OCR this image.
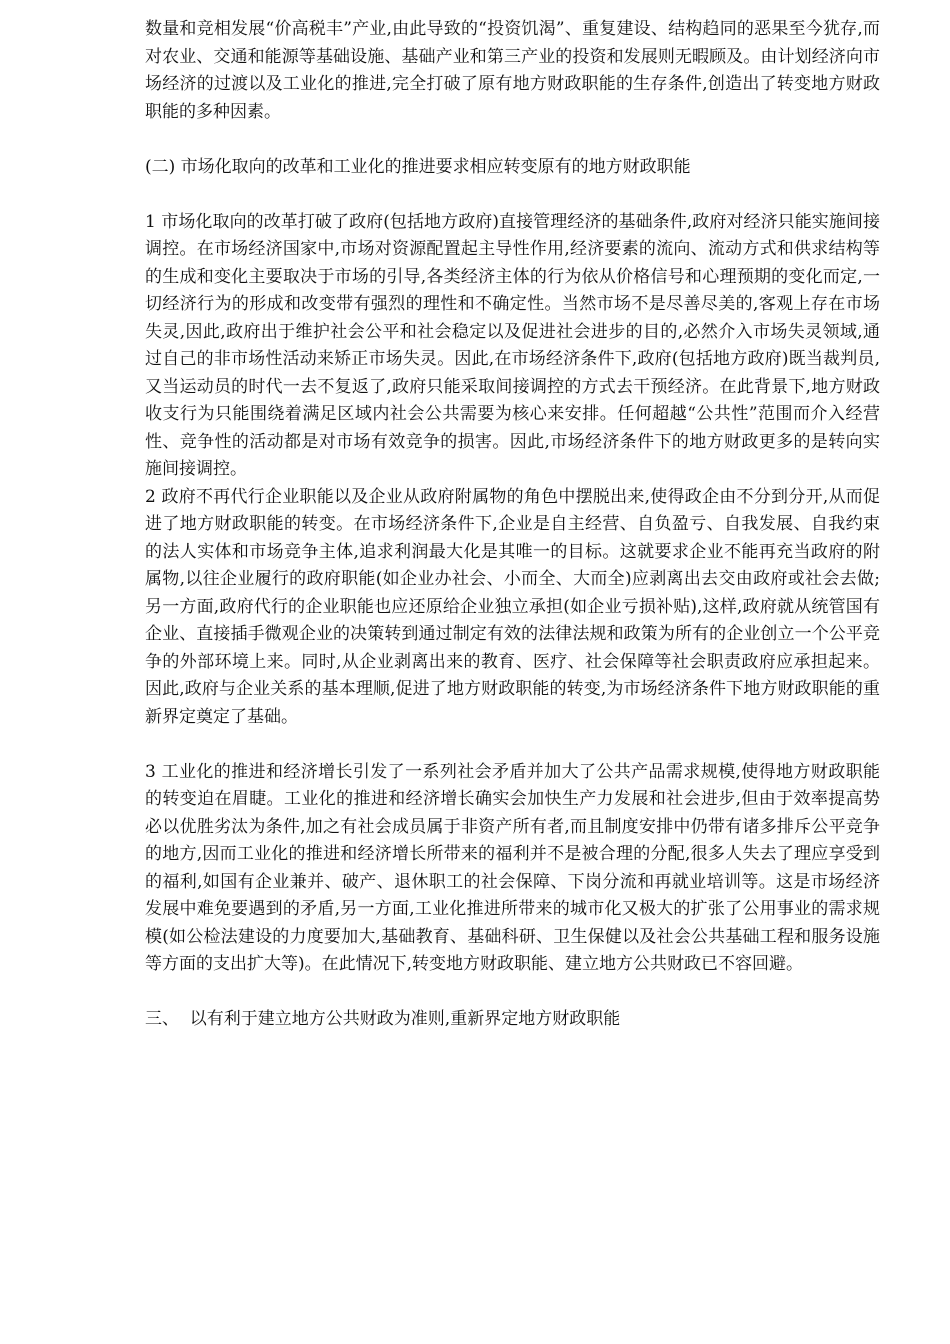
数量和竞相发展“价高税丰”产业,由此导致的“投资饥渴”、重复建设、结构趋同的恶果至今犹存,而对农业、交通和能源等基础设施、基础产业和第三产业的投资和发展则无暇顾及。由计划经济向市场经济的过渡以及工业化的推进,完全打破了原有地方财政职能的生存条件,创造出了转变地方财政职能的多种因素。

(二) 市场化取向的改革和工业化的推进要求相应转变原有的地方财政职能

1 市场化取向的改革打破了政府(包括地方政府)直接管理经济的基础条件,政府对经济只能实施间接调控。在市场经济国家中,市场对资源配置起主导性作用,经济要素的流向、流动方式和供求结构等的生成和变化主要取决于市场的引导,各类经济主体的行为依从价格信号和心理预期的变化而定,一切经济行为的形成和改变带有强烈的理性和不确定性。当然市场不是尽善尽美的,客观上存在市场失灵,因此,政府出于维护社会公平和社会稳定以及促进社会进步的目的,必然介入市场失灵领域,通过自己的非市场性活动来矫正市场失灵。因此,在市场经济条件下,政府(包括地方政府)既当裁判员,又当运动员的时代一去不复返了,政府只能采取间接调控的方式去干预经济。在此背景下,地方财政收支行为只能围绕着满足区域内社会公共需要为核心来安排。任何超越“公共性”范围而介入经营性、竞争性的活动都是对市场有效竞争的损害。因此,市场经济条件下的地方财政更多的是转向实施间接调控。

2 政府不再代行企业职能以及企业从政府附属物的角色中摆脱出来,使得政企由不分到分开,从而促进了地方财政职能的转变。在市场经济条件下,企业是自主经营、自负盈亏、自我发展、自我约束的法人实体和市场竞争主体,追求利润最大化是其唯一的目标。这就要求企业不能再充当政府的附属物,以往企业履行的政府职能(如企业办社会、小而全、大而全)应剥离出去交由政府或社会去做;另一方面,政府代行的企业职能也应还原给企业独立承担(如企业亏损补贴),这样,政府就从统管国有企业、直接插手微观企业的决策转到通过制定有效的法律法规和政策为所有的企业创立一个公平竞争的外部环境上来。同时,从企业剥离出来的教育、医疗、社会保障等社会职责政府应承担起来。因此,政府与企业关系的基本理顺,促进了地方财政职能的转变,为市场经济条件下地方财政职能的重新界定奠定了基础。

3 工业化的推进和经济增长引发了一系列社会矛盾并加大了公共产品需求规模,使得地方财政职能的转变迫在眉睫。工业化的推进和经济增长确实会加快生产力发展和社会进步,但由于效率提高势必以优胜劣汰为条件,加之有社会成员属于非资产所有者,而且制度安排中仍带有诸多排斥公平竞争的地方,因而工业化的推进和经济增长所带来的福利并不是被合理的分配,很多人失去了理应享受到的福利,如国有企业兼并、破产、退休职工的社会保障、下岗分流和再就业培训等。这是市场经济发展中难免要遇到的矛盾,另一方面,工业化推进所带来的城市化又极大的扩张了公用事业的需求规模(如公检法建设的力度要加大,基础教育、基础科研、卫生保健以及社会公共基础工程和服务设施等方面的支出扩大等)。在此情况下,转变地方财政职能、建立地方公共财政已不容回避。

三、  以有利于建立地方公共财政为准则,重新界定地方财政职能
